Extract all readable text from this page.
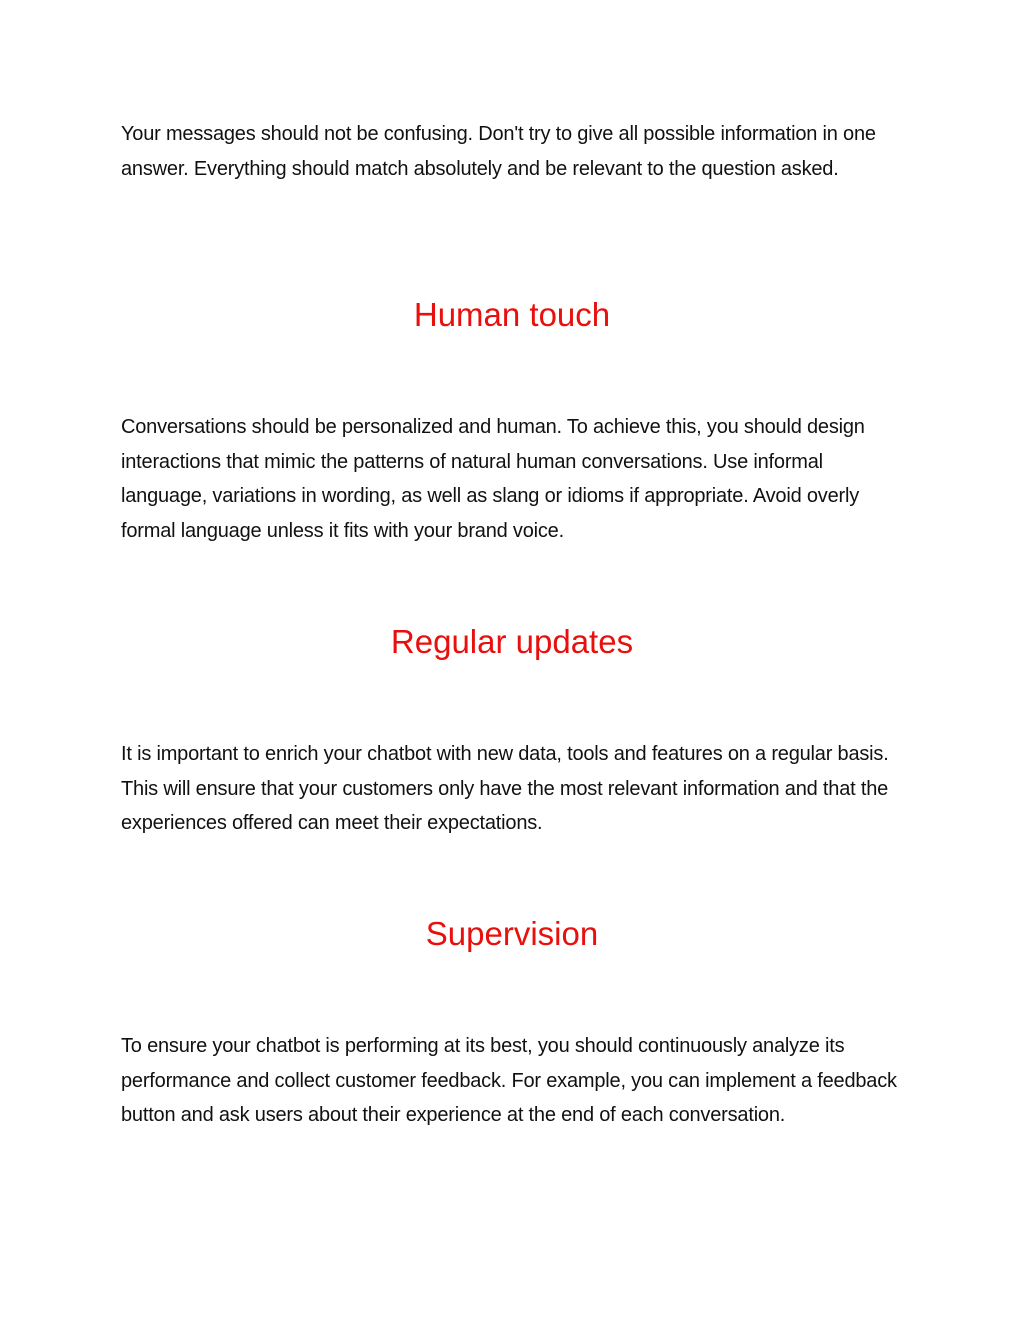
Your messages should not be confusing. Don't try to give all possible information in one answer. Everything should match absolutely and be relevant to the question asked.

Human touch

Conversations should be personalized and human. To achieve this, you should design interactions that mimic the patterns of natural human conversations. Use informal language, variations in wording, as well as slang or idioms if appropriate. Avoid overly formal language unless it fits with your brand voice.

Regular updates

It is important to enrich your chatbot with new data, tools and features on a regular basis. This will ensure that your customers only have the most relevant information and that the experiences offered can meet their expectations.

Supervision

To ensure your chatbot is performing at its best, you should continuously analyze its performance and collect customer feedback. For example, you can implement a feedback button and ask users about their experience at the end of each conversation.
